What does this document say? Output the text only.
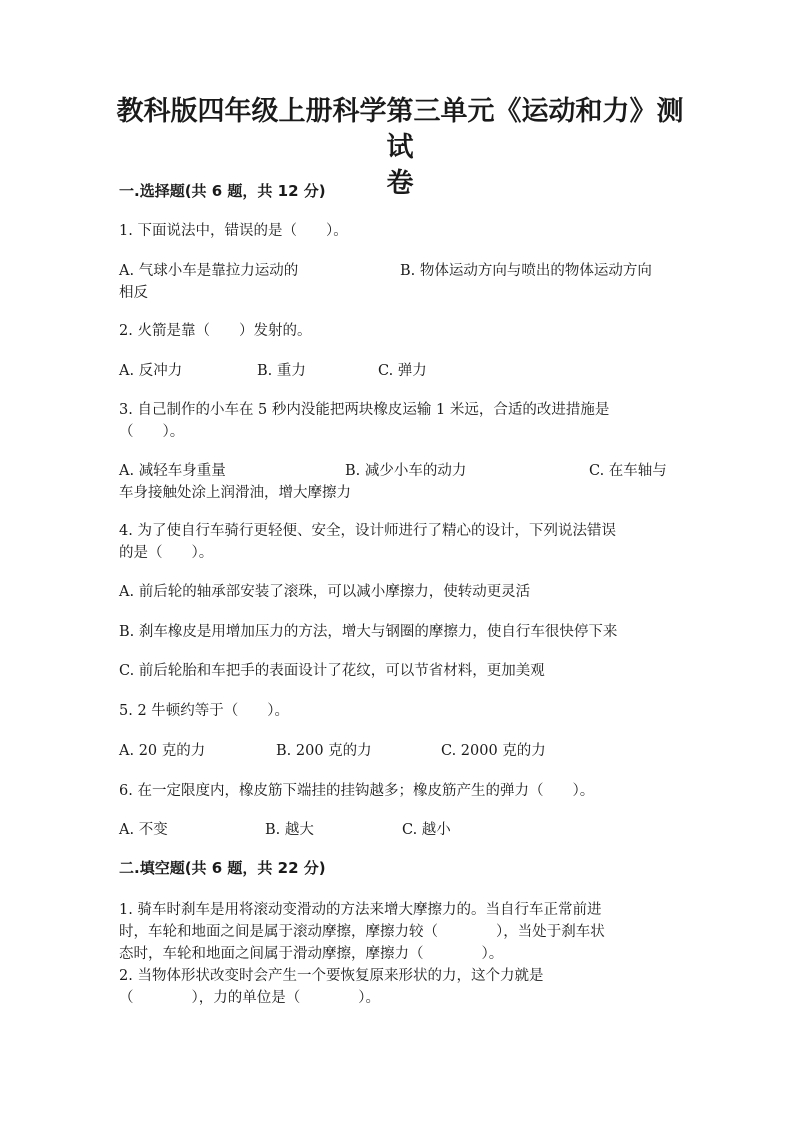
教科版四年级上册科学第三单元《运动和力》测试
卷
一.选择题(共 6 题，共 12 分)
1. 下面说法中，错误的是（　　）。
A. 气球小车是靠拉力运动的	B. 物体运动方向与喷出的物体运动方向
相反
2. 火箭是靠（　　）发射的。
A. 反冲力	B. 重力	C. 弹力
3. 自己制作的小车在 5 秒内没能把两块橡皮运输 1 米远，合适的改进措施是
（　　）。
A. 减轻车身重量	B. 减少小车的动力	C. 在车轴与
车身接触处涂上润滑油，增大摩擦力
4. 为了使自行车骑行更轻便、安全，设计师进行了精心的设计，下列说法错误
的是（　　）。
A. 前后轮的轴承部安装了滚珠，可以减小摩擦力，使转动更灵活
B. 刹车橡皮是用增加压力的方法，增大与钢圈的摩擦力，使自行车很快停下来
C. 前后轮胎和车把手的表面设计了花纹，可以节省材料，更加美观
5. 2 牛顿约等于（　　）。
A. 20 克的力	B. 200 克的力	C. 2000 克的力
6. 在一定限度内，橡皮筋下端挂的挂钩越多；橡皮筋产生的弹力（　　）。
A. 不变	B. 越大	C. 越小
二.填空题(共 6 题，共 22 分)
1. 骑车时刹车是用将滚动变滑动的方法来增大摩擦力的。当自行车正常前进
时，车轮和地面之间是属于滚动摩擦，摩擦力较（　　　　），当处于刹车状
态时，车轮和地面之间属于滑动摩擦，摩擦力（　　　　）。
2. 当物体形状改变时会产生一个要恢复原来形状的力，这个力就是
（　　　　），力的单位是（　　　　）。
